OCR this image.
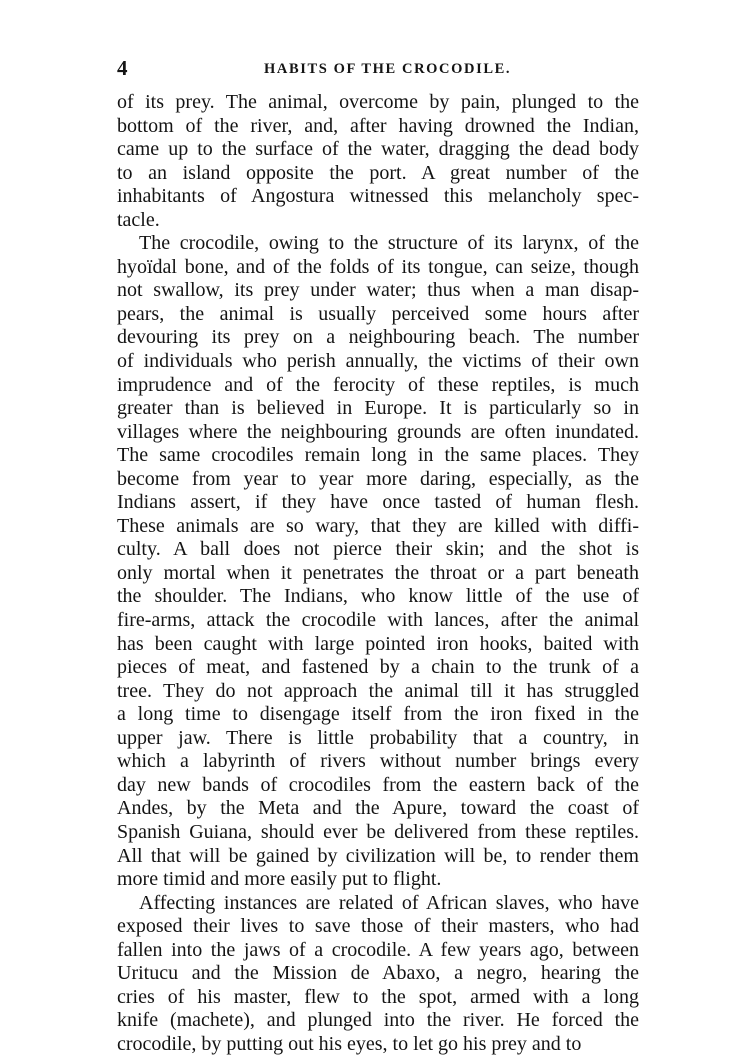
4	HABITS OF THE CROCODILE.
of its prey. The animal, overcome by pain, plunged to the
bottom of the river, and, after having drowned the Indian,
came up to the surface of the water, dragging the dead body
to an island opposite the port. A great number of the
inhabitants of Angostura witnessed this melancholy spec-
tacle.
The crocodile, owing to the structure of its larynx, of the
hyoïdal bone, and of the folds of its tongue, can seize, though
not swallow, its prey under water; thus when a man disap-
pears, the animal is usually perceived some hours after
devouring its prey on a neighbouring beach. The number
of individuals who perish annually, the victims of their own
imprudence and of the ferocity of these reptiles, is much
greater than is believed in Europe. It is particularly so in
villages where the neighbouring grounds are often inundated.
The same crocodiles remain long in the same places. They
become from year to year more daring, especially, as the
Indians assert, if they have once tasted of human flesh.
These animals are so wary, that they are killed with diffi-
culty. A ball does not pierce their skin; and the shot is
only mortal when it penetrates the throat or a part beneath
the shoulder. The Indians, who know little of the use of
fire-arms, attack the crocodile with lances, after the animal
has been caught with large pointed iron hooks, baited with
pieces of meat, and fastened by a chain to the trunk of a
tree. They do not approach the animal till it has struggled
a long time to disengage itself from the iron fixed in the
upper jaw. There is little probability that a country, in
which a labyrinth of rivers without number brings every
day new bands of crocodiles from the eastern back of the
Andes, by the Meta and the Apure, toward the coast of
Spanish Guiana, should ever be delivered from these reptiles.
All that will be gained by civilization will be, to render them
more timid and more easily put to flight.
Affecting instances are related of African slaves, who have
exposed their lives to save those of their masters, who had
fallen into the jaws of a crocodile. A few years ago, between
Uritucu and the Mission de Abaxo, a negro, hearing the
cries of his master, flew to the spot, armed with a long
knife (machete), and plunged into the river. He forced the
crocodile, by putting out his eyes, to let go his prey and to
